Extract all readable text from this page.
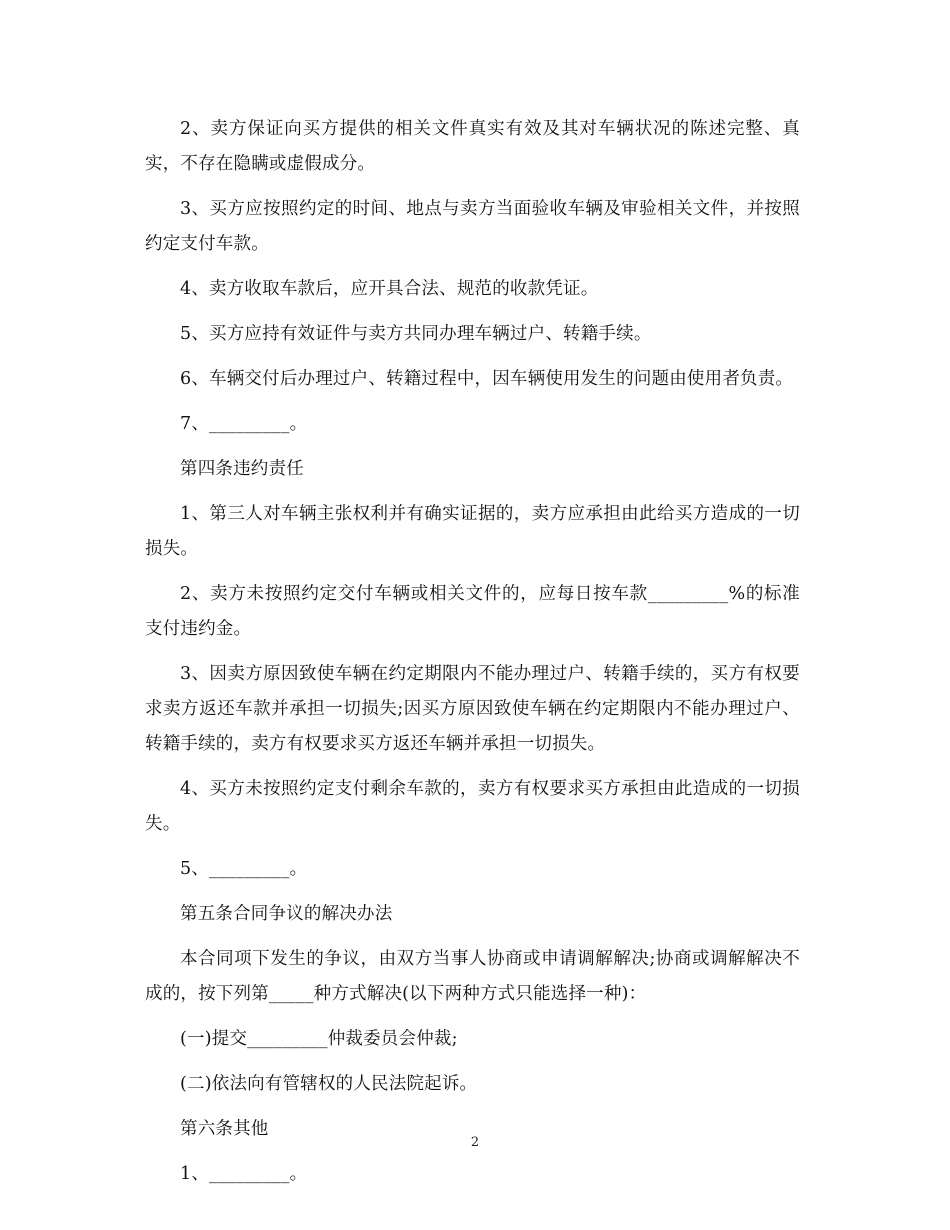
2、卖方保证向买方提供的相关文件真实有效及其对车辆状况的陈述完整、真实，不存在隐瞒或虚假成分。

3、买方应按照约定的时间、地点与卖方当面验收车辆及审验相关文件，并按照约定支付车款。

4、卖方收取车款后，应开具合法、规范的收款凭证。

5、买方应持有效证件与卖方共同办理车辆过户、转籍手续。

6、车辆交付后办理过户、转籍过程中，因车辆使用发生的问题由使用者负责。

7、_________。

第四条违约责任

1、第三人对车辆主张权利并有确实证据的，卖方应承担由此给买方造成的一切损失。

2、卖方未按照约定交付车辆或相关文件的，应每日按车款_________%的标准支付违约金。

3、因卖方原因致使车辆在约定期限内不能办理过户、转籍手续的，买方有权要求卖方返还车款并承担一切损失;因买方原因致使车辆在约定期限内不能办理过户、转籍手续的，卖方有权要求买方返还车辆并承担一切损失。

4、买方未按照约定支付剩余车款的，卖方有权要求买方承担由此造成的一切损失。

5、_________。

第五条合同争议的解决办法

本合同项下发生的争议，由双方当事人协商或申请调解解决;协商或调解解决不成的，按下列第_____种方式解决(以下两种方式只能选择一种)：

(一)提交_________仲裁委员会仲裁;

(二)依法向有管辖权的人民法院起诉。

第六条其他

1、_________。

2
